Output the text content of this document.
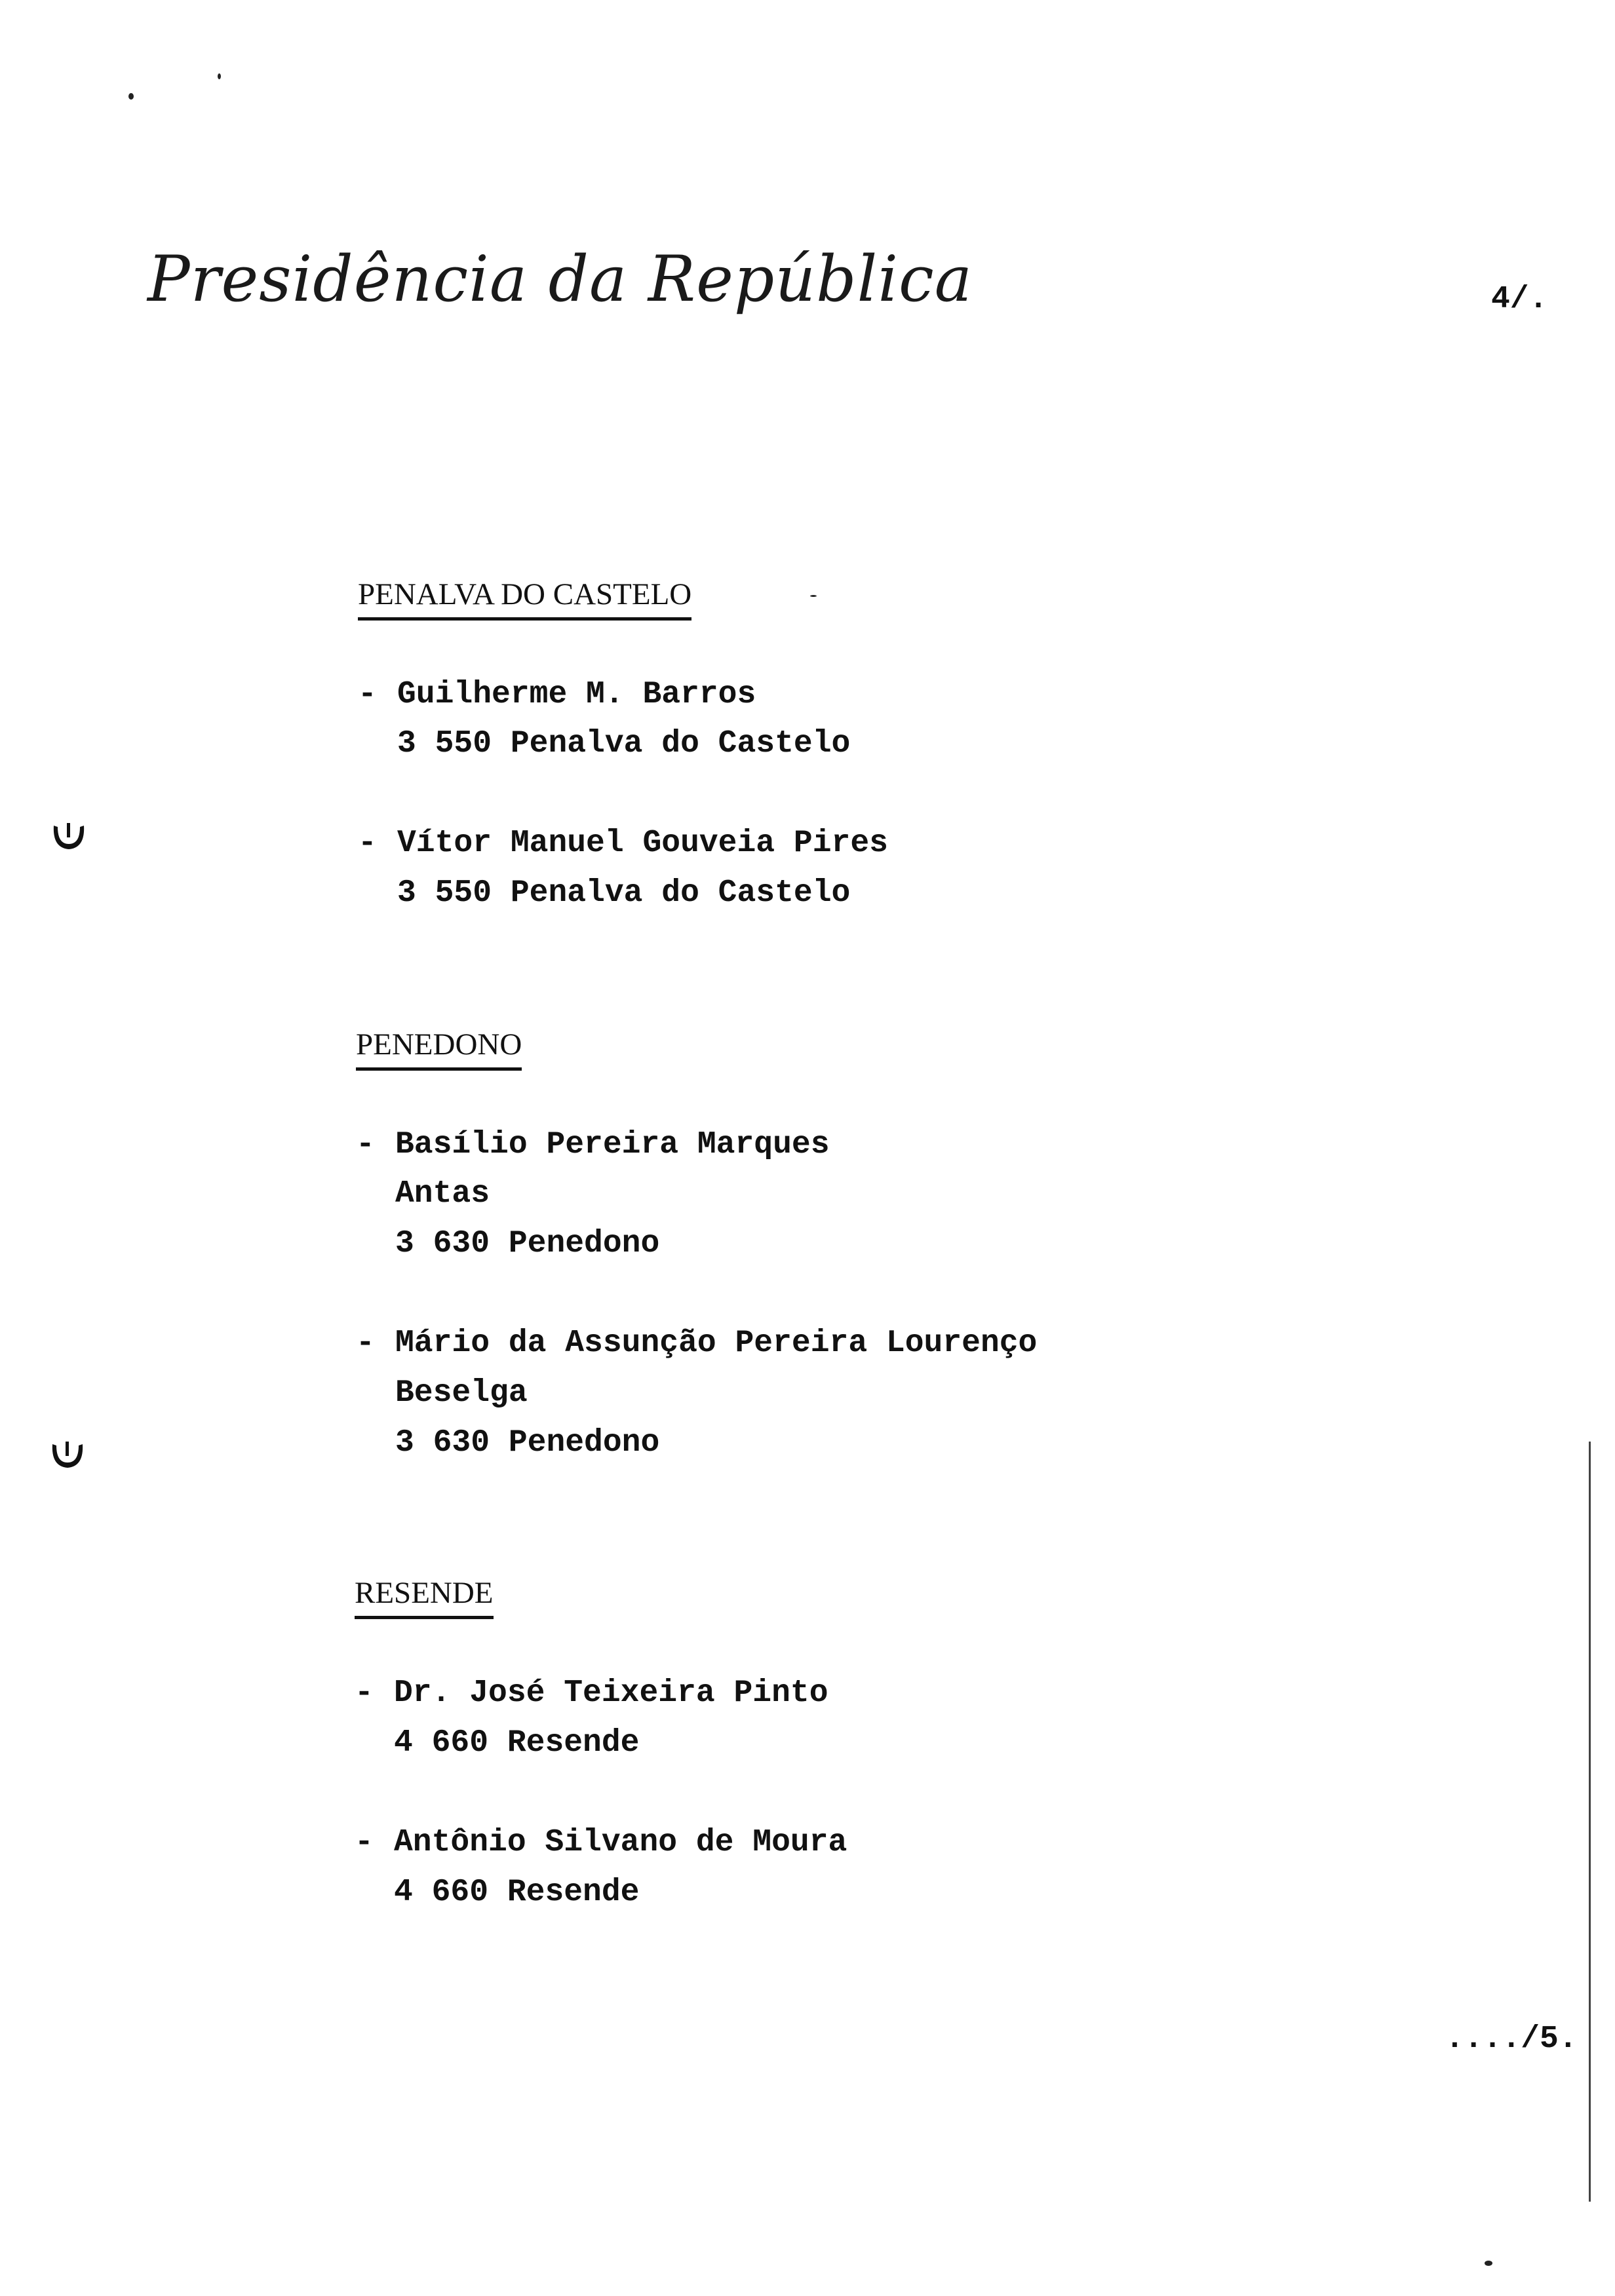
Presidência da República	4/.
PENALVA DO CASTELO
- Guilherme M. Barros
3 550 Penalva do Castelo
- Vítor Manuel Gouveia Pires
3 550 Penalva do Castelo
PENEDONO
- Basílio Pereira Marques
Antas
3 630 Penedono
- Mário da Assunção Pereira Lourenço
Beselga
3 630 Penedono
RESENDE
- Dr. José Teixeira Pinto
4 660 Resende
- Antônio Silvano de Moura
4 660 Resende
..../5.
